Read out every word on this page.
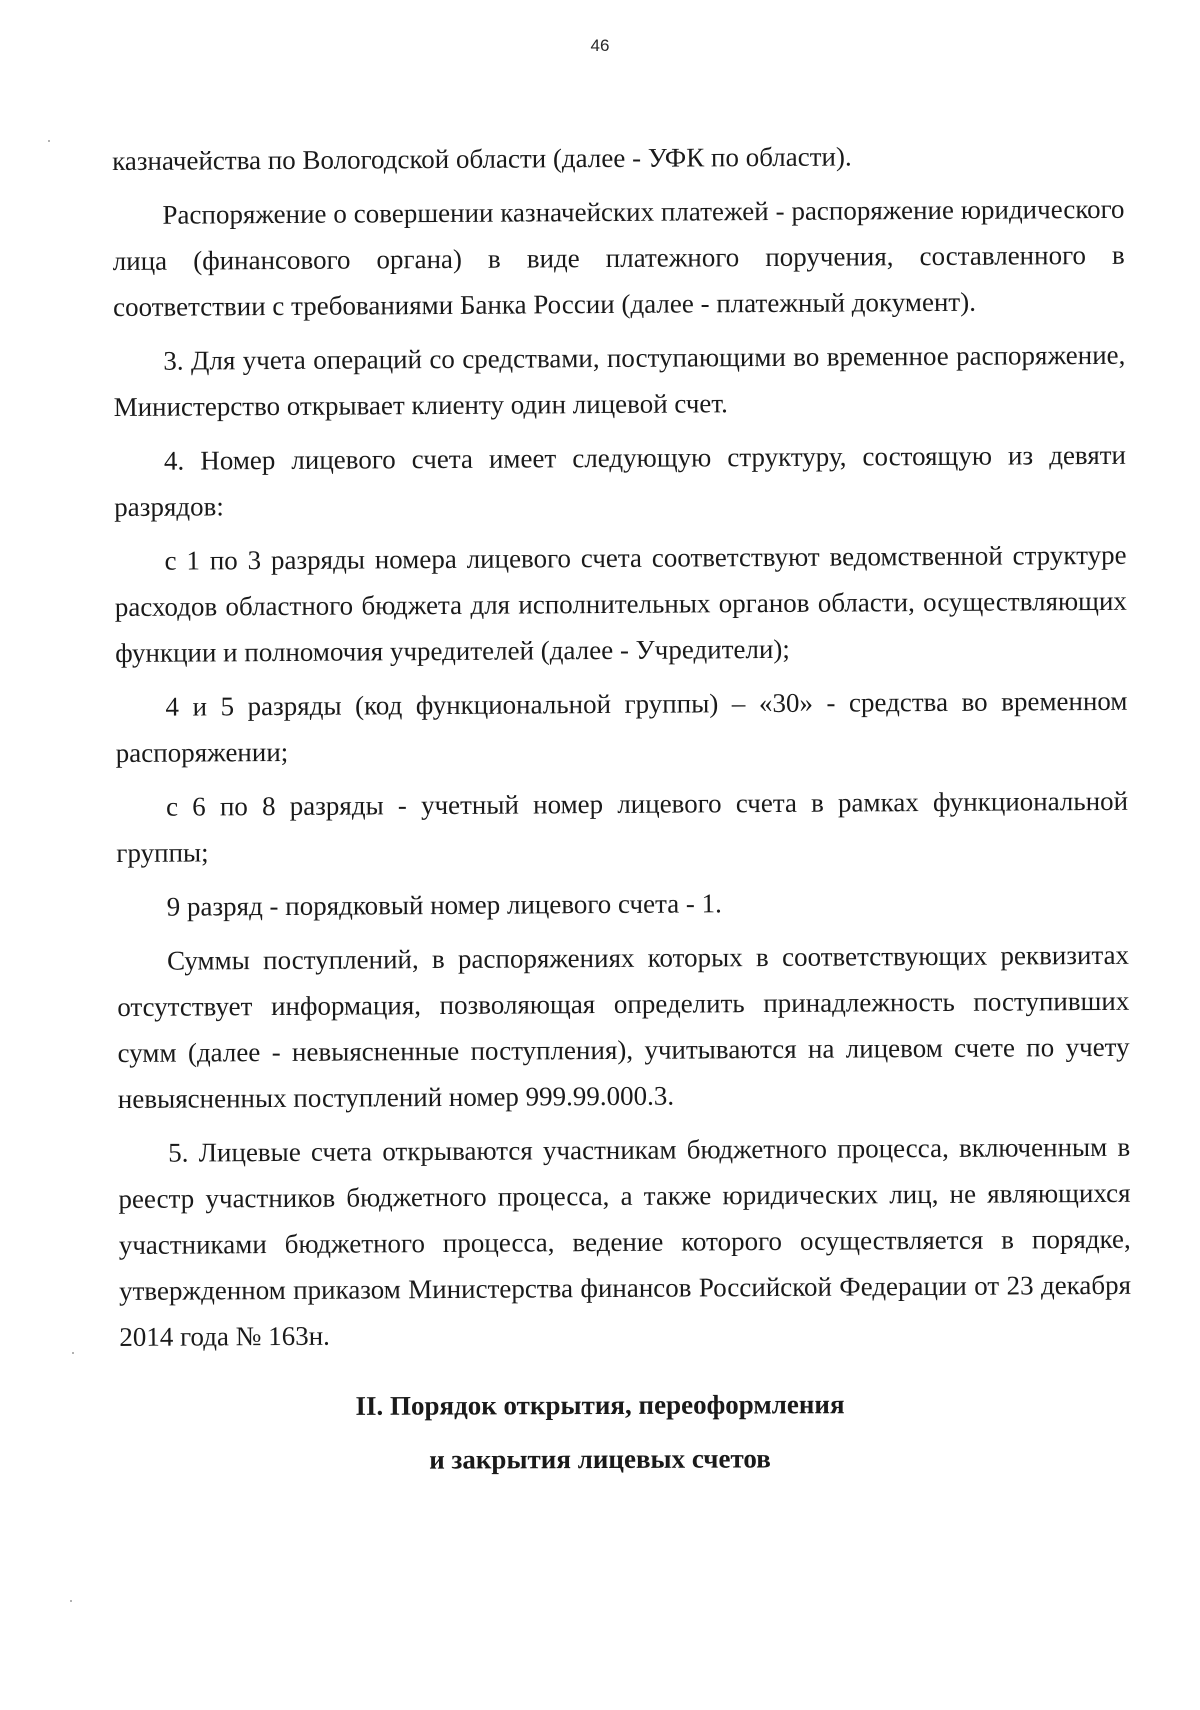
46

казначейства по Вологодской области (далее - УФК по области).

Распоряжение о совершении казначейских платежей - распоряжение юридического лица (финансового органа) в виде платежного поручения, составленного в соответствии с требованиями Банка России (далее - платежный документ).

3. Для учета операций со средствами, поступающими во временное распоряжение, Министерство открывает клиенту один лицевой счет.

4. Номер лицевого счета имеет следующую структуру, состоящую из девяти разрядов:

с 1 по 3 разряды номера лицевого счета соответствуют ведомственной структуре расходов областного бюджета для исполнительных органов области, осуществляющих функции и полномочия учредителей (далее - Учредители);

4 и 5 разряды (код функциональной группы) – «30» - средства во временном распоряжении;

с 6 по 8 разряды - учетный номер лицевого счета в рамках функциональной группы;

9 разряд - порядковый номер лицевого счета - 1.

Суммы поступлений, в распоряжениях которых в соответствующих реквизитах отсутствует информация, позволяющая определить принадлежность поступивших сумм (далее - невыясненные поступления), учитываются на лицевом счете по учету невыясненных поступлений номер 999.99.000.3.

5. Лицевые счета открываются участникам бюджетного процесса, включенным в реестр участников бюджетного процесса, а также юридических лиц, не являющихся участниками бюджетного процесса, ведение которого осуществляется в порядке, утвержденном приказом Министерства финансов Российской Федерации от 23 декабря 2014 года № 163н.

II. Порядок открытия, переоформления
и закрытия лицевых счетов
